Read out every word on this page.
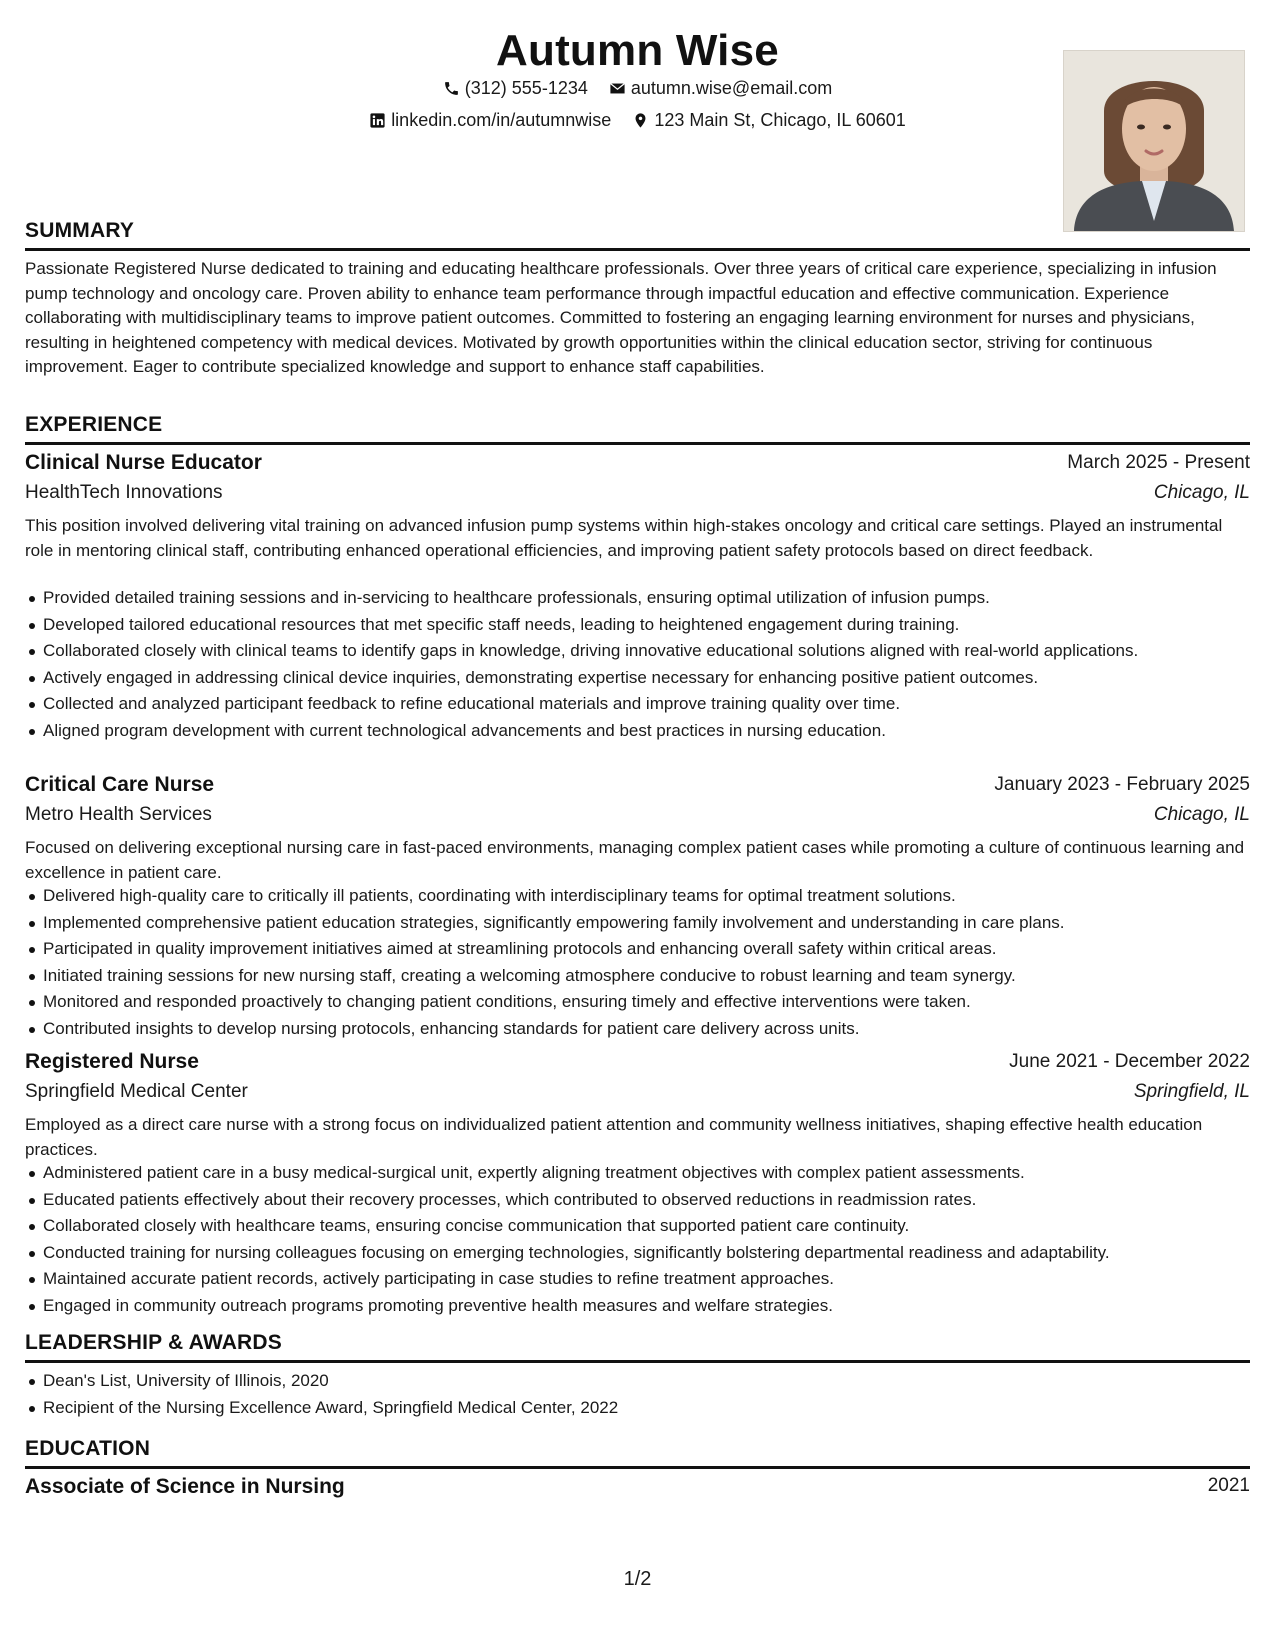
Autumn Wise
(312) 555-1234
autumn.wise@email.com
linkedin.com/in/autumnwise
123 Main St, Chicago, IL 60601
SUMMARY
Passionate Registered Nurse dedicated to training and educating healthcare professionals. Over three years of critical care experience, specializing in infusion pump technology and oncology care. Proven ability to enhance team performance through impactful education and effective communication. Experience collaborating with multidisciplinary teams to improve patient outcomes. Committed to fostering an engaging learning environment for nurses and physicians, resulting in heightened competency with medical devices. Motivated by growth opportunities within the clinical education sector, striving for continuous improvement. Eager to contribute specialized knowledge and support to enhance staff capabilities.
EXPERIENCE
Clinical Nurse Educator	March 2025 - Present
HealthTech Innovations	Chicago, IL
This position involved delivering vital training on advanced infusion pump systems within high-stakes oncology and critical care settings. Played an instrumental role in mentoring clinical staff, contributing enhanced operational efficiencies, and improving patient safety protocols based on direct feedback.
Provided detailed training sessions and in-servicing to healthcare professionals, ensuring optimal utilization of infusion pumps.
Developed tailored educational resources that met specific staff needs, leading to heightened engagement during training.
Collaborated closely with clinical teams to identify gaps in knowledge, driving innovative educational solutions aligned with real-world applications.
Actively engaged in addressing clinical device inquiries, demonstrating expertise necessary for enhancing positive patient outcomes.
Collected and analyzed participant feedback to refine educational materials and improve training quality over time.
Aligned program development with current technological advancements and best practices in nursing education.
Critical Care Nurse	January 2023 - February 2025
Metro Health Services	Chicago, IL
Focused on delivering exceptional nursing care in fast-paced environments, managing complex patient cases while promoting a culture of continuous learning and excellence in patient care.
Delivered high-quality care to critically ill patients, coordinating with interdisciplinary teams for optimal treatment solutions.
Implemented comprehensive patient education strategies, significantly empowering family involvement and understanding in care plans.
Participated in quality improvement initiatives aimed at streamlining protocols and enhancing overall safety within critical areas.
Initiated training sessions for new nursing staff, creating a welcoming atmosphere conducive to robust learning and team synergy.
Monitored and responded proactively to changing patient conditions, ensuring timely and effective interventions were taken.
Contributed insights to develop nursing protocols, enhancing standards for patient care delivery across units.
Registered Nurse	June 2021 - December 2022
Springfield Medical Center	Springfield, IL
Employed as a direct care nurse with a strong focus on individualized patient attention and community wellness initiatives, shaping effective health education practices.
Administered patient care in a busy medical-surgical unit, expertly aligning treatment objectives with complex patient assessments.
Educated patients effectively about their recovery processes, which contributed to observed reductions in readmission rates.
Collaborated closely with healthcare teams, ensuring concise communication that supported patient care continuity.
Conducted training for nursing colleagues focusing on emerging technologies, significantly bolstering departmental readiness and adaptability.
Maintained accurate patient records, actively participating in case studies to refine treatment approaches.
Engaged in community outreach programs promoting preventive health measures and welfare strategies.
LEADERSHIP & AWARDS
Dean's List, University of Illinois, 2020
Recipient of the Nursing Excellence Award, Springfield Medical Center, 2022
EDUCATION
Associate of Science in Nursing	2021
1/2
